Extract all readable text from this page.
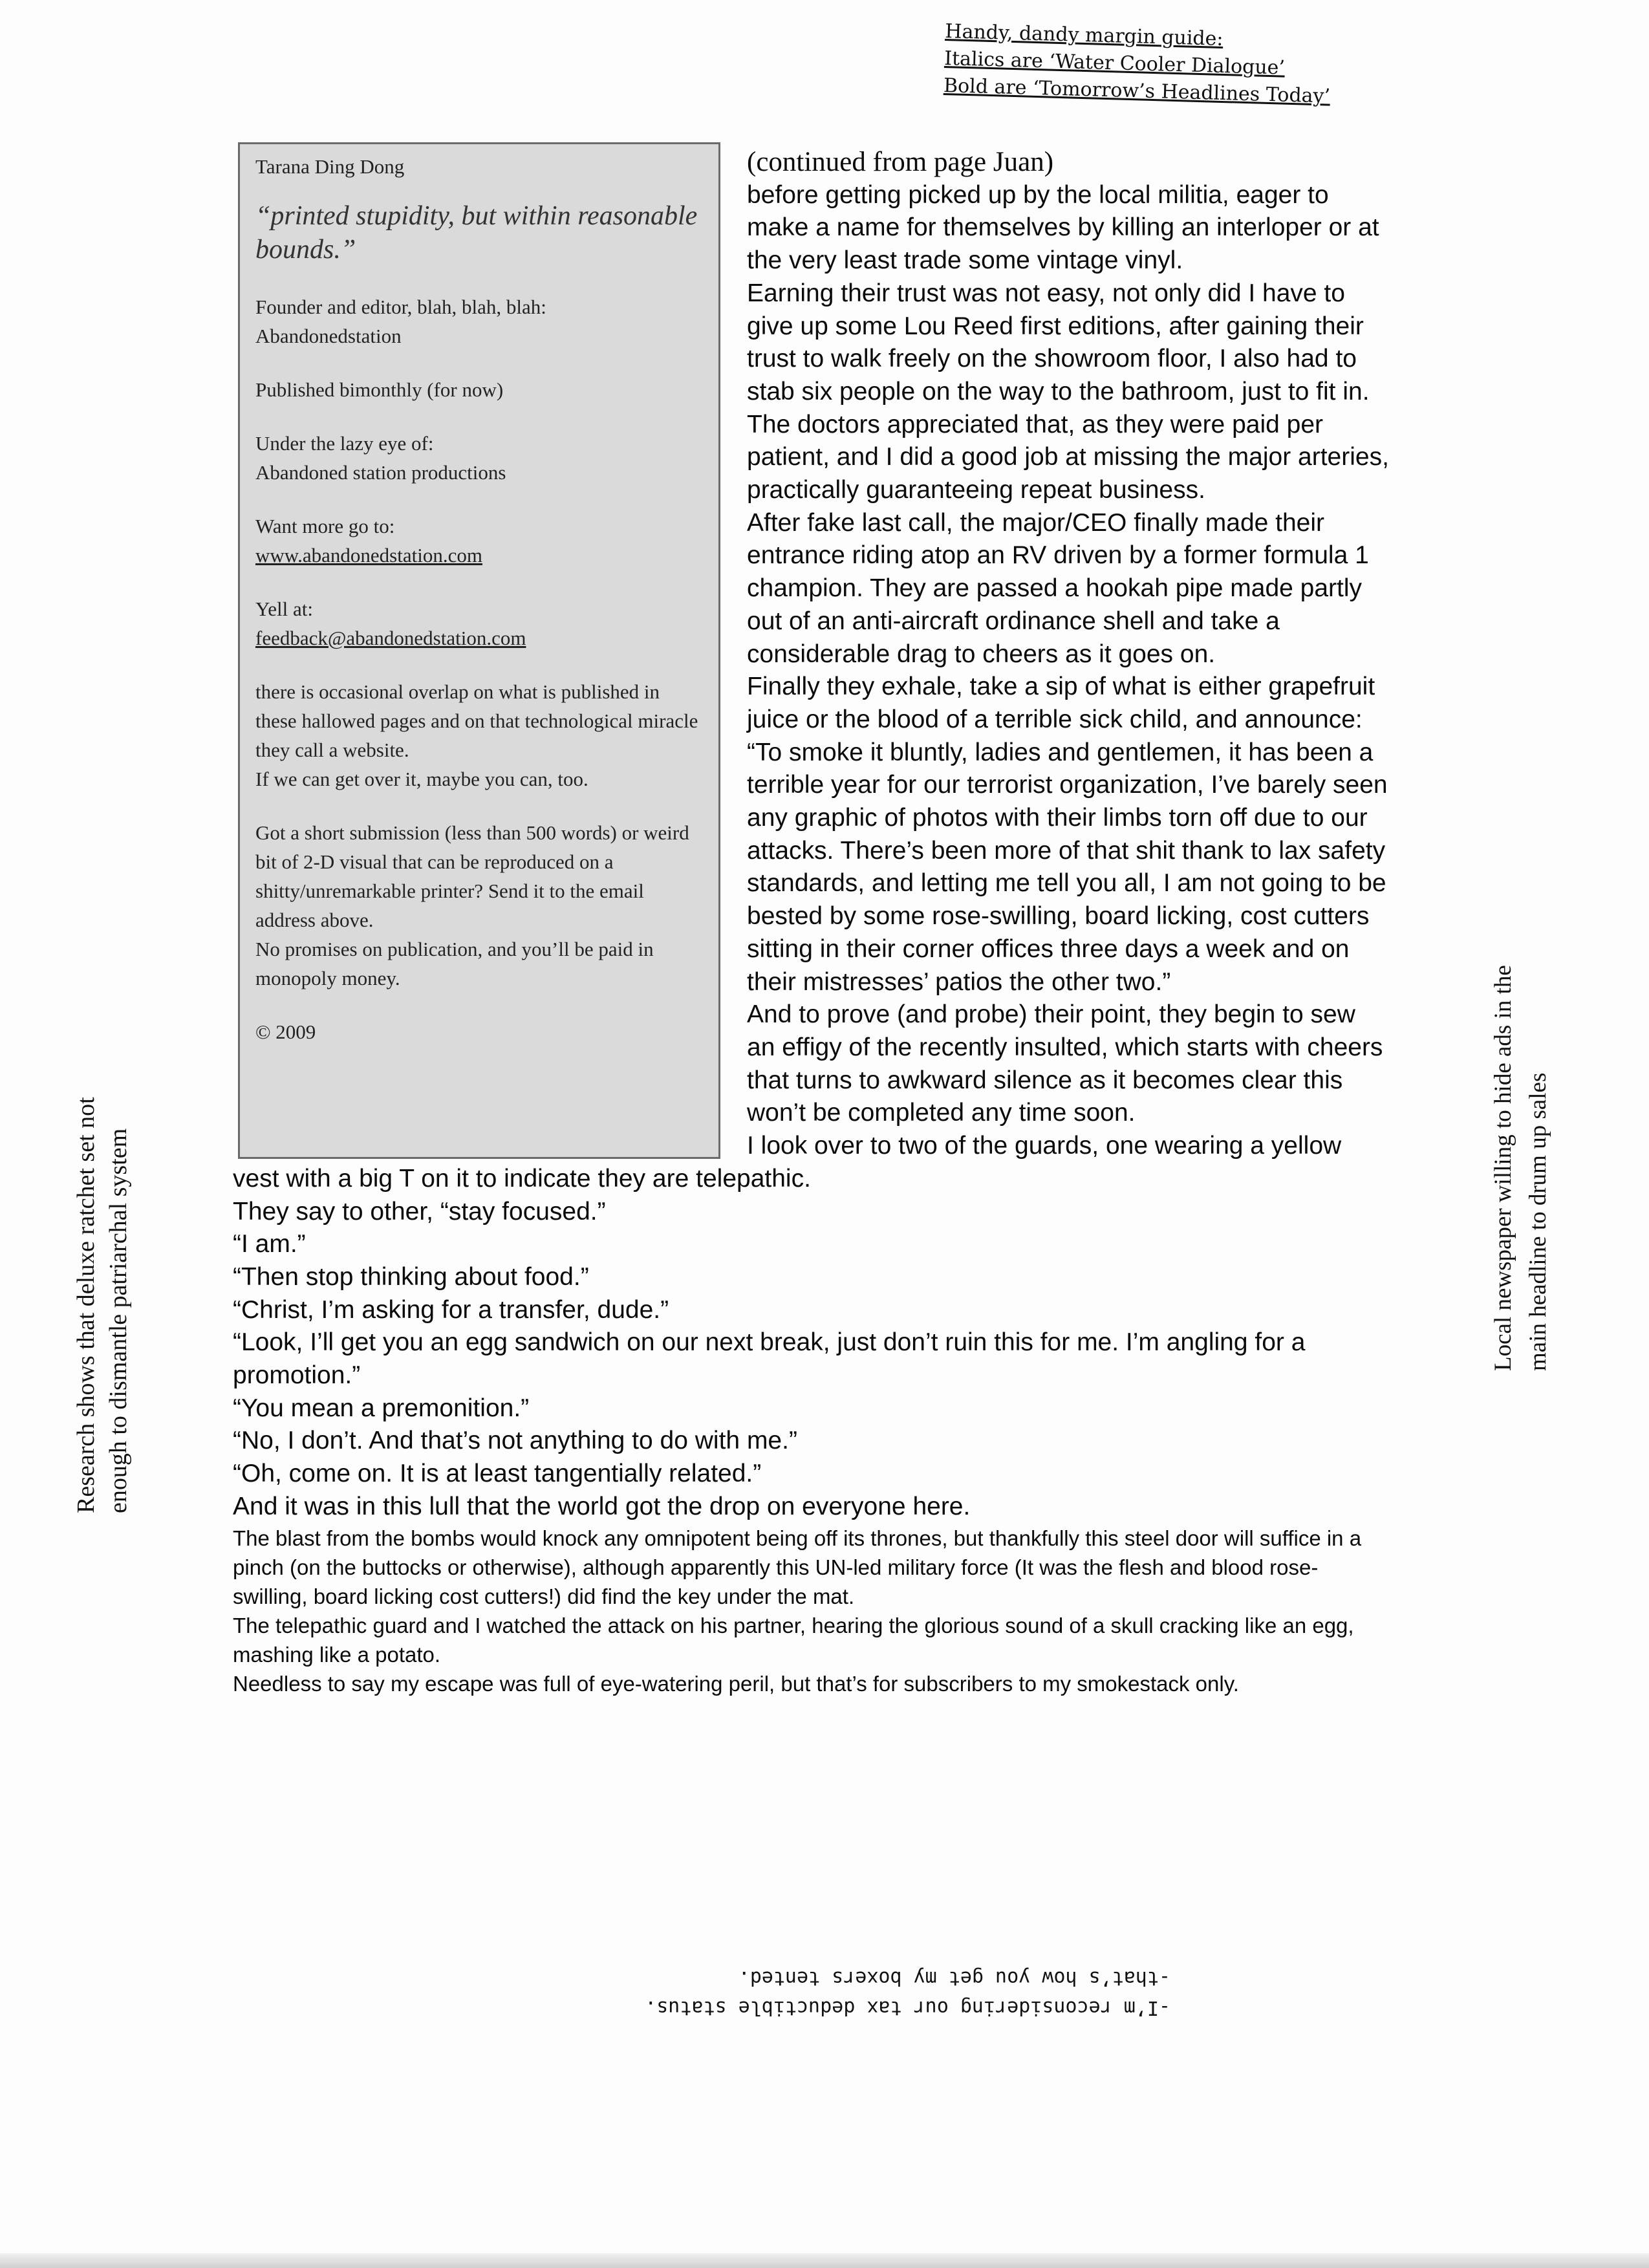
Handy, dandy margin guide:
Italics are ‘Water Cooler Dialogue’
Bold are ‘Tomorrow’s Headlines Today’

(continued from page Juan)

before getting picked up by the local militia, eager to make a name for themselves by killing an interloper or at the very least trade some vintage vinyl.

Earning their trust was not easy, not only did I have to give up some Lou Reed first editions, after gaining their trust to walk freely on the showroom floor, I also had to stab six people on the way to the bathroom, just to fit in.

The doctors appreciated that, as they were paid per patient, and I did a good job at missing the major arteries, practically guaranteeing repeat business.

After fake last call, the major/CEO finally made their entrance riding atop an RV driven by a former formula 1 champion. They are passed a hookah pipe made partly out of an anti-aircraft ordinance shell and take a considerable drag to cheers as it goes on.

Finally they exhale, take a sip of what is either grapefruit juice or the blood of a terrible sick child, and announce:

“To smoke it bluntly, ladies and gentlemen, it has been a terrible year for our terrorist organization, I’ve barely seen any graphic of photos with their limbs torn off due to our attacks. There’s been more of that shit thank to lax safety standards, and letting me tell you all, I am not going to be bested by some rose-swilling, board licking, cost cutters sitting in their corner offices three days a week and on their mistresses’ patios the other two.”

And to prove (and probe) their point, they begin to sew an effigy of the recently insulted, which starts with cheers that turns to awkward silence as it becomes clear this won’t be completed any time soon.

I look over to two of the guards, one wearing a yellow vest with a big T on it to indicate they are telepathic.

They say to other, “stay focused.”

“I am.”

“Then stop thinking about food.”

“Christ, I’m asking for a transfer, dude.”

“Look, I’ll get you an egg sandwich on our next break, just don’t ruin this for me. I’m angling for a promotion.”

“You mean a premonition.”

“No, I don’t. And that’s not anything to do with me.”

“Oh, come on. It is at least tangentially related.”

And it was in this lull that the world got the drop on everyone here.

The blast from the bombs would knock any omnipotent being off its thrones, but thankfully this steel door will suffice in a pinch (on the buttocks or otherwise), although apparently this UN-led military force (It was the flesh and blood rose-swilling, board licking cost cutters!) did find the key under the mat.

The telepathic guard and I watched the attack on his partner, hearing the glorious sound of a skull cracking like an egg, mashing like a potato.

Needless to say my escape was full of eye-watering peril, but that’s for subscribers to my smokestack only.

Tarana Ding Dong

“printed stupidity, but within reasonable bounds.”

Founder and editor, blah, blah, blah:
Abandonedstation

Published bimonthly (for now)

Under the lazy eye of:
Abandoned station productions

Want more go to:
www.abandonedstation.com

Yell at:
feedback@abandonedstation.com

there is occasional overlap on what is published in these hallowed pages and on that technological miracle they call a website.
If we can get over it, maybe you can, too.

Got a short submission (less than 500 words) or weird bit of 2-D visual that can be reproduced on a shitty/unremarkable printer? Send it to the email address above.
No promises on publication, and you’ll be paid in monopoly money.

© 2009

Research shows that deluxe ratchet set not enough to dismantle patriarchal system	Local newspaper willing to hide ads in the main headline to drum up sales
-I’m reconsidering our tax deductible status.
-that’s how you get my boxers tented.
